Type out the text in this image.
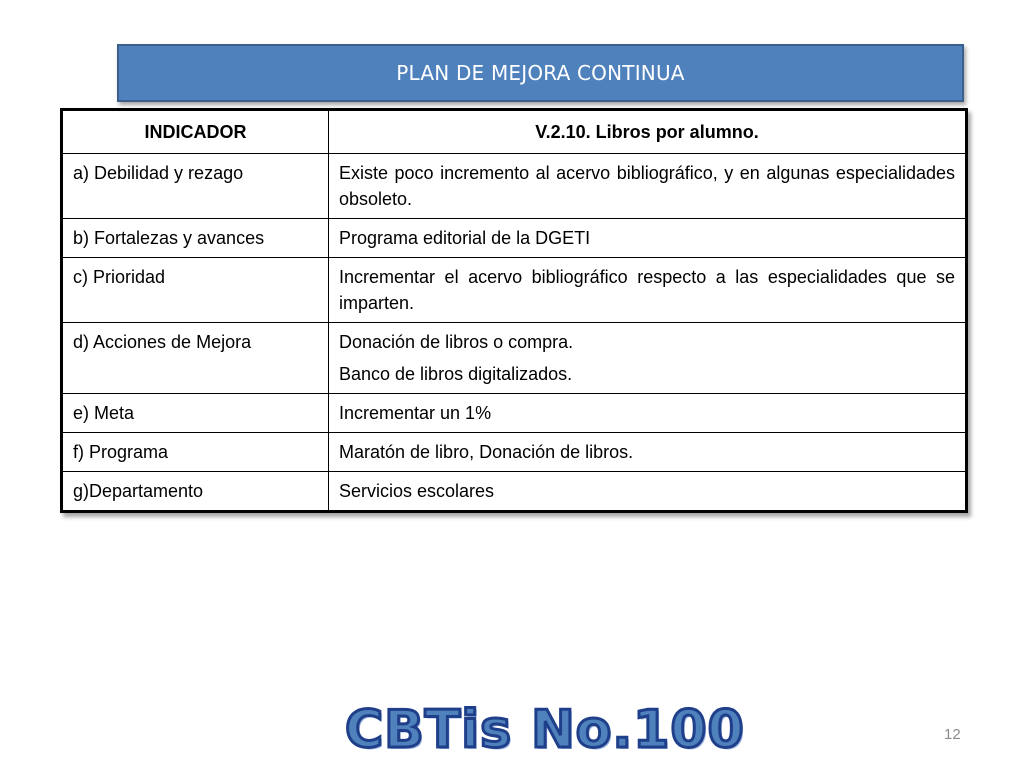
PLAN DE MEJORA CONTINUA
INDICADOR	V.2.10. Libros por alumno.
a) Debilidad y rezago	Existe poco incremento al acervo bibliográfico, y en algunas especialidades obsoleto.
b) Fortalezas y avances	Programa editorial de la DGETI
c) Prioridad	Incrementar el acervo bibliográfico respecto a las especialidades que se imparten.
d) Acciones de Mejora	Donación de libros o compra.
Banco de libros digitalizados.

e) Meta	Incrementar un 1%
f) Programa	Maratón de libro, Donación de libros.
g)Departamento	Servicios escolares
CBTis No.100	12
